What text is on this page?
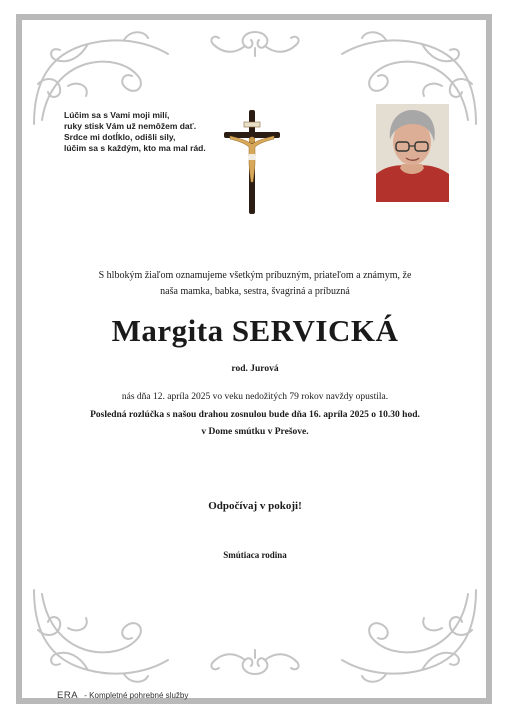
Lúčim sa s Vami moji milí,
ruky stisk Vám už nemôžem dať.
Srdce mi dotĺklo, odišli sily,
lúčim sa s každým, kto ma mal rád.
S hlbokým žiaľom oznamujeme všetkým príbuzným, priateľom a známym, že
naša mamka, babka, sestra, švagriná a príbuzná
Margita SERVICKÁ
rod. Jurová
nás dňa 12. apríla 2025 vo veku nedožitých 79 rokov navždy opustila.
Posledná rozlúčka s našou drahou zosnulou bude dňa 16. apríla 2025 o 10.30 hod.
v Dome smútku v Prešove.
Odpočívaj v pokoji!
Smútiaca rodina
ERA - Kompletné pohrebné služby
